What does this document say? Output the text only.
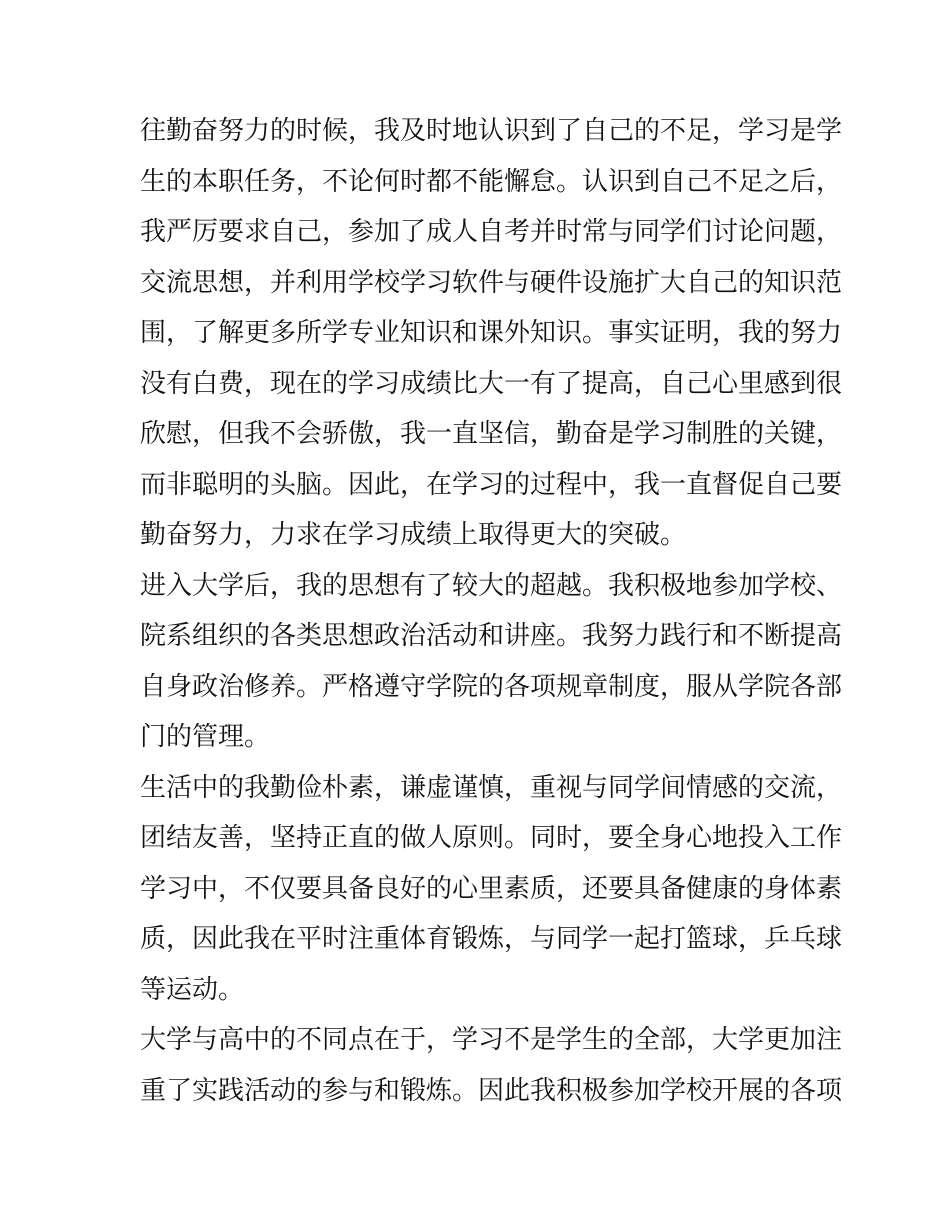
往勤奋努力的时候，我及时地认识到了自己的不足，学习是学
生的本职任务，不论何时都不能懈怠。认识到自己不足之后，
我严厉要求自己，参加了成人自考并时常与同学们讨论问题，
交流思想，并利用学校学习软件与硬件设施扩大自己的知识范
围，了解更多所学专业知识和课外知识。事实证明，我的努力
没有白费，现在的学习成绩比大一有了提高，自己心里感到很
欣慰，但我不会骄傲，我一直坚信，勤奋是学习制胜的关键，
而非聪明的头脑。因此，在学习的过程中，我一直督促自己要
勤奋努力，力求在学习成绩上取得更大的突破。
进入大学后，我的思想有了较大的超越。我积极地参加学校、
院系组织的各类思想政治活动和讲座。我努力践行和不断提高
自身政治修养。严格遵守学院的各项规章制度，服从学院各部
门的管理。
生活中的我勤俭朴素，谦虚谨慎，重视与同学间情感的交流，
团结友善，坚持正直的做人原则。同时，要全身心地投入工作
学习中，不仅要具备良好的心里素质，还要具备健康的身体素
质，因此我在平时注重体育锻炼，与同学一起打篮球，乒乓球
等运动。
大学与高中的不同点在于，学习不是学生的全部，大学更加注
重了实践活动的参与和锻炼。因此我积极参加学校开展的各项
